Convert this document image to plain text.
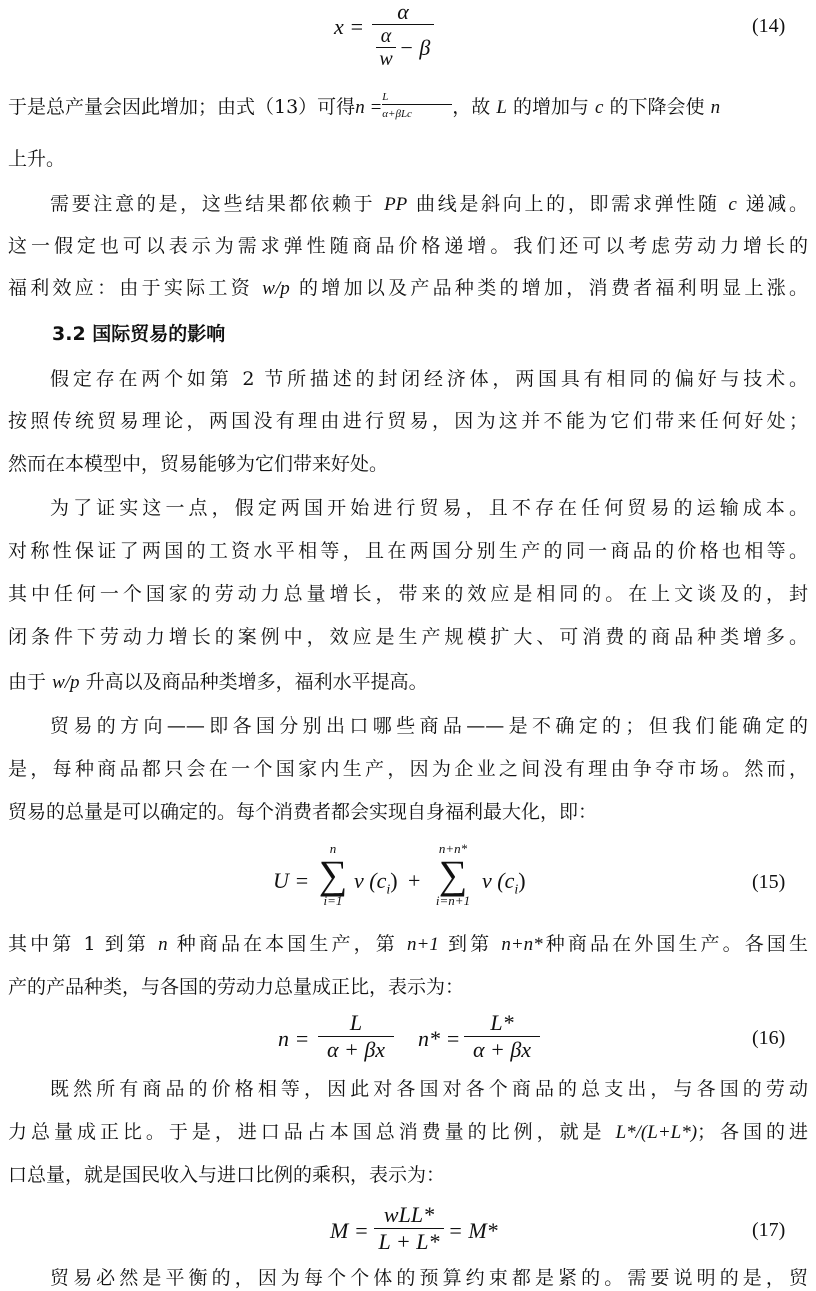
x =
α
α
w − β
(14)
于是总产量会因此增加；由式（13）可得n = L
α+βLc	，故 L 的增加与 c 的下降会使 n
上升。
需要注意的是，这些结果都依赖于 PP 曲线是斜向上的，即需求弹性随 c 递减。
这一假定也可以表示为需求弹性随商品价格递增。我们还可以考虑劳动力增长的
福利效应：由于实际工资 w/p 的增加以及产品种类的增加，消费者福利明显上涨。
3.2 国际贸易的影响
假定存在两个如第 2 节所描述的封闭经济体，两国具有相同的偏好与技术。
按照传统贸易理论，两国没有理由进行贸易，因为这并不能为它们带来任何好处；
然而在本模型中，贸易能够为它们带来好处。
为了证实这一点，假定两国开始进行贸易，且不存在任何贸易的运输成本。
对称性保证了两国的工资水平相等，且在两国分别生产的同一商品的价格也相等。
其中任何一个国家的劳动力总量增长，带来的效应是相同的。在上文谈及的，封
闭条件下劳动力增长的案例中，效应是生产规模扩大、可消费的商品种类增多。
由于 w/p 升高以及商品种类增多，福利水平提高。
贸易的方向——即各国分别出口哪些商品——是不确定的；但我们能确定的
是，每种商品都只会在一个国家内生产，因为企业之间没有理由争夺市场。然而，
贸易的总量是可以确定的。每个消费者都会实现自身福利最大化，即：
U =
n
∑
i=1
v $(c_i)$ +
n+n*
∑
i=n+1
v $(c_i)$	(15)
其中第 1 到第 n 种商品在本国生产，第 n+1 到第 n+n*种商品在外国生产。各国生
产的产品种类，与各国的劳动力总量成正比，表示为：
$n = \frac{L}{\alpha + \beta x} n* = \frac{L*}{\alpha + \beta x}$	(16)
既然所有商品的价格相等，因此对各国对各个商品的总支出，与各国的劳动
力总量成正比。于是，进口品占本国总消费量的比例，就是 L*/(L+L*)；各国的进
口总量，就是国民收入与进口比例的乘积，表示为：
M =
wLL*
L + L* = M*	(17)
贸易必然是平衡的，因为每个个体的预算约束都是紧的。需要说明的是，贸
